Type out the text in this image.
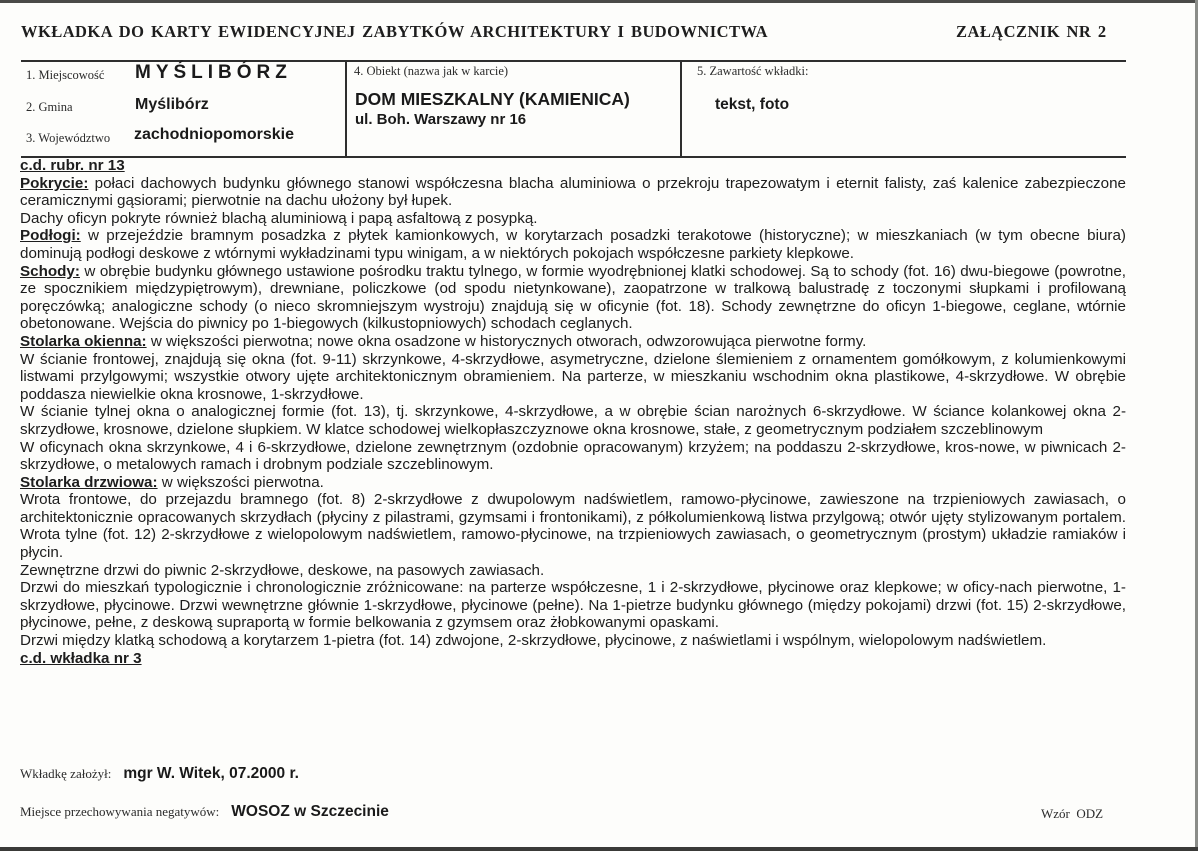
WKŁADKA DO KARTY EWIDENCYJNEJ ZABYTKÓW ARCHITEKTURY I BUDOWNICTWA	ZAŁĄCZNIK NR 2
1. Miejscowość MYŚLIBÓRZ
2. Gmina	Myślibórz
3. Województwo zachodniopomorskie
4. Obiekt (nazwa jak w karcie)
DOM MIESZKALNY (KAMIENICA)
ul. Boh. Warszawy nr 16
5. Zawartość wkładki:
tekst, foto

c.d. rubr. nr 13

Pokrycie: połaci dachowych budynku głównego stanowi współczesna blacha aluminiowa o przekroju trapezowatym i eternit falisty, zaś kalenice zabezpieczone ceramicznymi gąsiorami; pierwotnie na dachu ułożony był łupek.

Dachy oficyn pokryte również blachą aluminiową i papą asfaltową z posypką.

Podłogi: w przejeździe bramnym posadzka z płytek kamionkowych, w korytarzach posadzki terakotowe (historyczne); w mieszkaniach (w tym obecne biura) dominują podłogi deskowe z wtórnymi wykładzinami typu winigam, a w niektórych pokojach współczesne parkiety klepkowe.

Schody: w obrębie budynku głównego ustawione pośrodku traktu tylnego, w formie wyodrębnionej klatki schodowej. Są to schody (fot. 16) dwu-biegowe (powrotne, ze spocznikiem międzypiętrowym), drewniane, policzkowe (od spodu nietynkowane), zaopatrzone w tralkową balustradę z toczonymi słupkami i profilowaną poręczówką; analogiczne schody (o nieco skromniejszym wystroju) znajdują się w oficynie (fot. 18). Schody zewnętrzne do oficyn 1-biegowe, ceglane, wtórnie obetonowane. Wejścia do piwnicy po 1-biegowych (kilkustopniowych) schodach ceglanych.

Stolarka okienna: w większości pierwotna; nowe okna osadzone w historycznych otworach, odwzorowująca pierwotne formy.

W ścianie frontowej, znajdują się okna (fot. 9-11) skrzynkowe, 4-skrzydłowe, asymetryczne, dzielone ślemieniem z ornamentem gomółkowym, z kolumienkowymi listwami przylgowymi; wszystkie otwory ujęte architektonicznym obramieniem. Na parterze, w mieszkaniu wschodnim okna plastikowe, 4-skrzydłowe. W obrębie poddasza niewielkie okna krosnowe, 1-skrzydłowe.

W ścianie tylnej okna o analogicznej formie (fot. 13), tj. skrzynkowe, 4-skrzydłowe, a w obrębie ścian narożnych 6-skrzydłowe. W ściance kolankowej okna 2-skrzydłowe, krosnowe, dzielone słupkiem. W klatce schodowej wielkopłaszczyznowe okna krosnowe, stałe, z geometrycznym podziałem szczeblinowym

W oficynach okna skrzynkowe, 4 i 6-skrzydłowe, dzielone zewnętrznym (ozdobnie opracowanym) krzyżem; na poddaszu 2-skrzydłowe, kros-nowe, w piwnicach 2-skrzydłowe, o metalowych ramach i drobnym podziale szczeblinowym.

Stolarka drzwiowa: w większości pierwotna.

Wrota frontowe, do przejazdu bramnego (fot. 8) 2-skrzydłowe z dwupolowym nadświetlem, ramowo-płycinowe, zawieszone na trzpieniowych zawiasach, o architektonicznie opracowanych skrzydłach (płyciny z pilastrami, gzymsami i frontonikami), z półkolumienkową listwa przylgową; otwór ujęty stylizowanym portalem. Wrota tylne (fot. 12) 2-skrzydłowe z wielopolowym nadświetlem, ramowo-płycinowe, na trzpieniowych zawiasach, o geometrycznym (prostym) układzie ramiaków i płycin.

Zewnętrzne drzwi do piwnic 2-skrzydłowe, deskowe, na pasowych zawiasach.

Drzwi do mieszkań typologicznie i chronologicznie zróżnicowane: na parterze współczesne, 1 i 2-skrzydłowe, płycinowe oraz klepkowe; w oficy-nach pierwotne, 1-skrzydłowe, płycinowe. Drzwi wewnętrzne głównie 1-skrzydłowe, płycinowe (pełne). Na 1-pietrze budynku głównego (między pokojami) drzwi (fot. 15) 2-skrzydłowe, płycinowe, pełne, z deskową supraportą w formie belkowania z gzymsem oraz żłobkowanymi opaskami.

Drzwi między klatką schodową a korytarzem 1-pietra (fot. 14) zdwojone, 2-skrzydłowe, płycinowe, z naświetlami i wspólnym, wielopolowym nadświetlem.

c.d. wkładka nr 3

Wkładkę założył: mgr W. Witek, 07.2000 r.
Miejsce przechowywania negatywów: WOSOZ w Szczecinie	Wzór  ODZ
